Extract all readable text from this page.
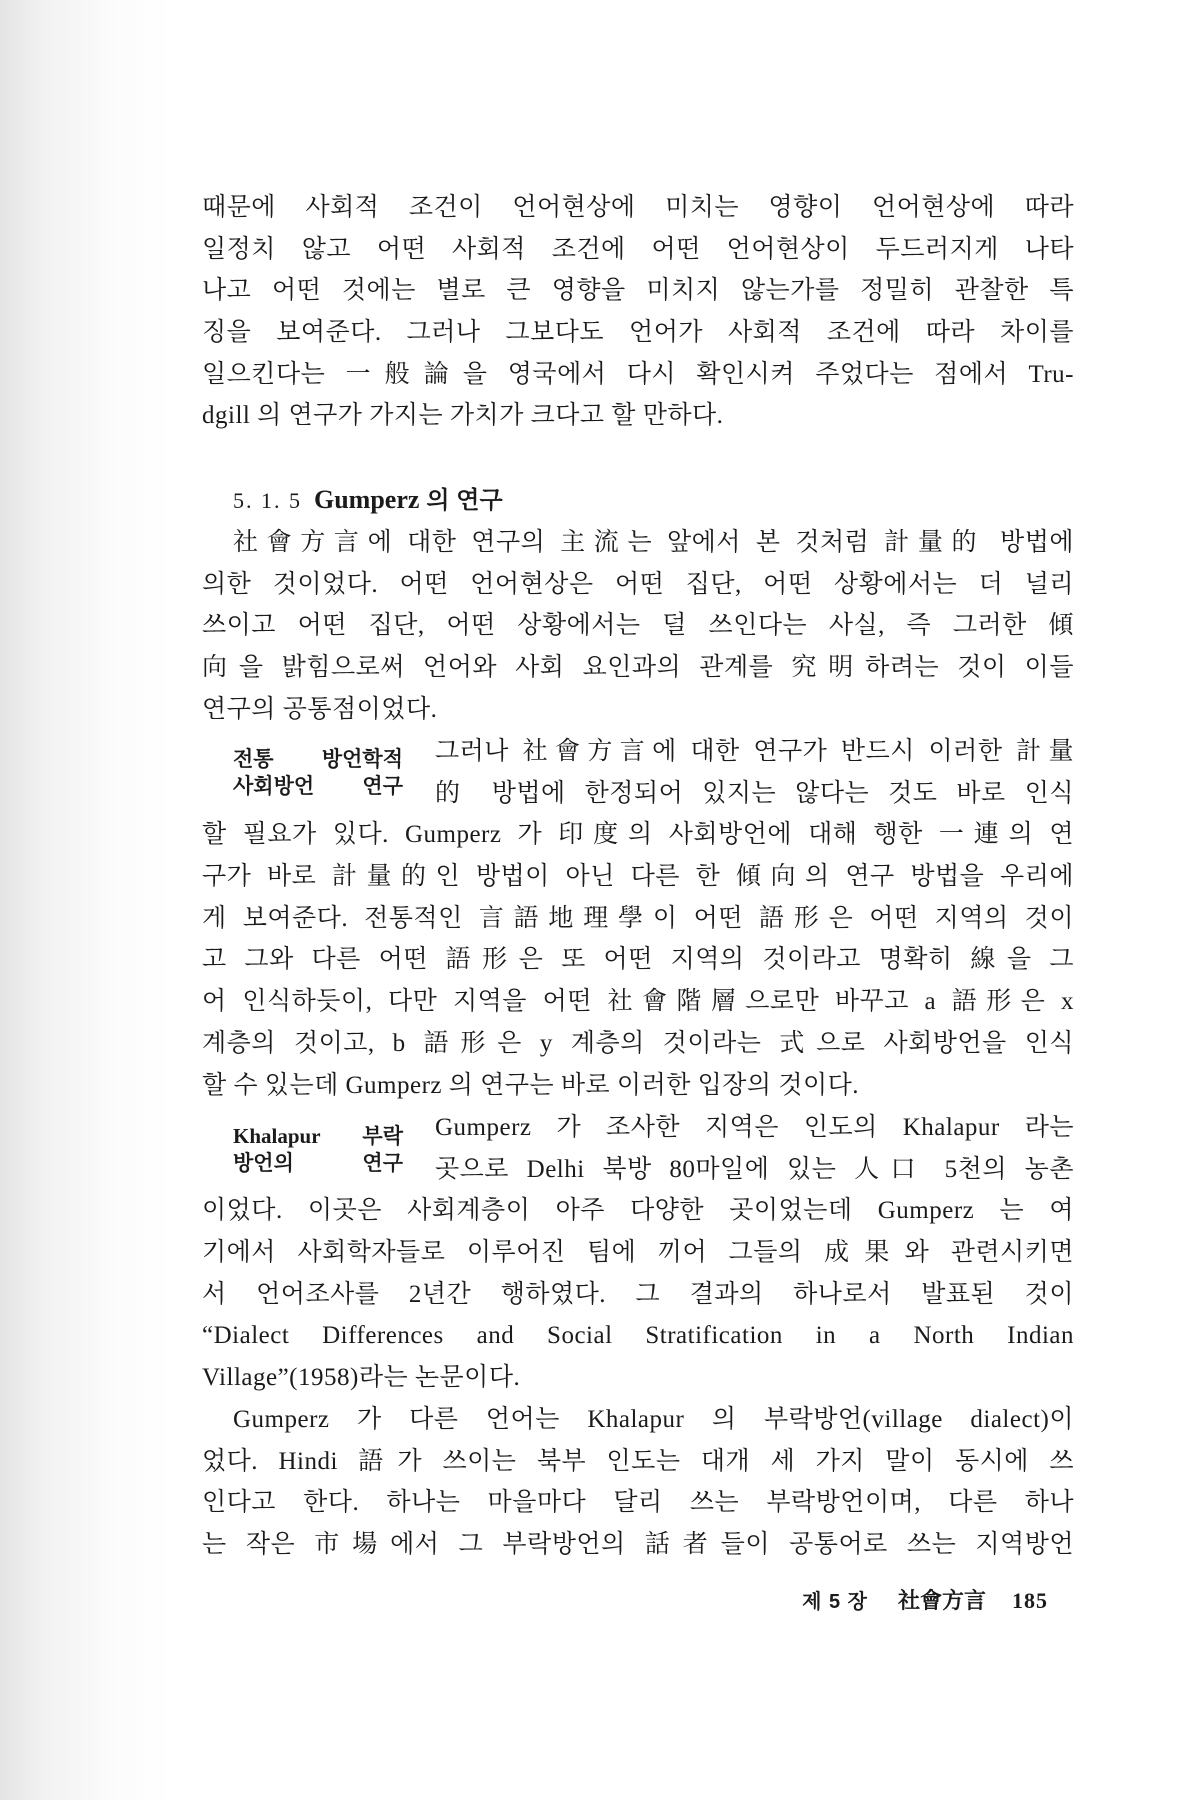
때문에 사회적 조건이 언어현상에 미치는 영향이 언어현상에 따라
일정치 않고 어떤 사회적 조건에 어떤 언어현상이 두드러지게 나타
나고 어떤 것에는 별로 큰 영향을 미치지 않는가를 정밀히 관찰한 특
징을 보여준다. 그러나 그보다도 언어가 사회적 조건에 따라 차이를
일으킨다는 一般論을 영국에서 다시 확인시켜 주었다는 점에서 Tru-
dgill 의 연구가 가지는 가치가 크다고 할 만하다.
5. 1. 5 Gumperz 의 연구
社會方言에 대한 연구의 主流는 앞에서 본 것처럼 計量的 방법에
의한 것이었다. 어떤 언어현상은 어떤 집단, 어떤 상황에서는 더 널리
쓰이고 어떤 집단, 어떤 상황에서는 덜 쓰인다는 사실, 즉 그러한 傾
向을 밝힘으로써 언어와 사회 요인과의 관계를 究明하려는 것이 이들
연구의 공통점이었다.
전통 방언학적
사회방언 연구
그러나 社會方言에 대한 연구가 반드시 이러한 計量
的 방법에 한정되어 있지는 않다는 것도 바로 인식
할 필요가 있다. Gumperz 가 印度의 사회방언에 대해 행한 一連의 연
구가 바로 計量的인 방법이 아닌 다른 한 傾向의 연구 방법을 우리에
게 보여준다. 전통적인 言語地理學이 어떤 語形은 어떤 지역의 것이
고 그와 다른 어떤 語形은 또 어떤 지역의 것이라고 명확히 線을 그
어 인식하듯이, 다만 지역을 어떤 社會階層으로만 바꾸고 a 語形은 x
계층의 것이고, b 語形은 y 계층의 것이라는 式으로 사회방언을 인식
할 수 있는데 Gumperz 의 연구는 바로 이러한 입장의 것이다.
Khalapur 부락
방언의 연구
Gumperz 가 조사한 지역은 인도의 Khalapur 라는
곳으로 Delhi 북방 80마일에 있는 人口 5천의 농촌
이었다. 이곳은 사회계층이 아주 다양한 곳이었는데 Gumperz 는 여
기에서 사회학자들로 이루어진 팀에 끼어 그들의 成果와 관련시키면
서 언어조사를 2년간 행하였다. 그 결과의 하나로서 발표된 것이
“Dialect Differences and Social Stratification in a North Indian
Village”(1958)라는 논문이다.
Gumperz 가 다른 언어는 Khalapur 의 부락방언(village dialect)이
었다. Hindi 語가 쓰이는 북부 인도는 대개 세 가지 말이 동시에 쓰
인다고 한다. 하나는 마을마다 달리 쓰는 부락방언이며, 다른 하나
는 작은 市場에서 그 부락방언의 話者들이 공통어로 쓰는 지역방언
제 5 장 社會方言 185
